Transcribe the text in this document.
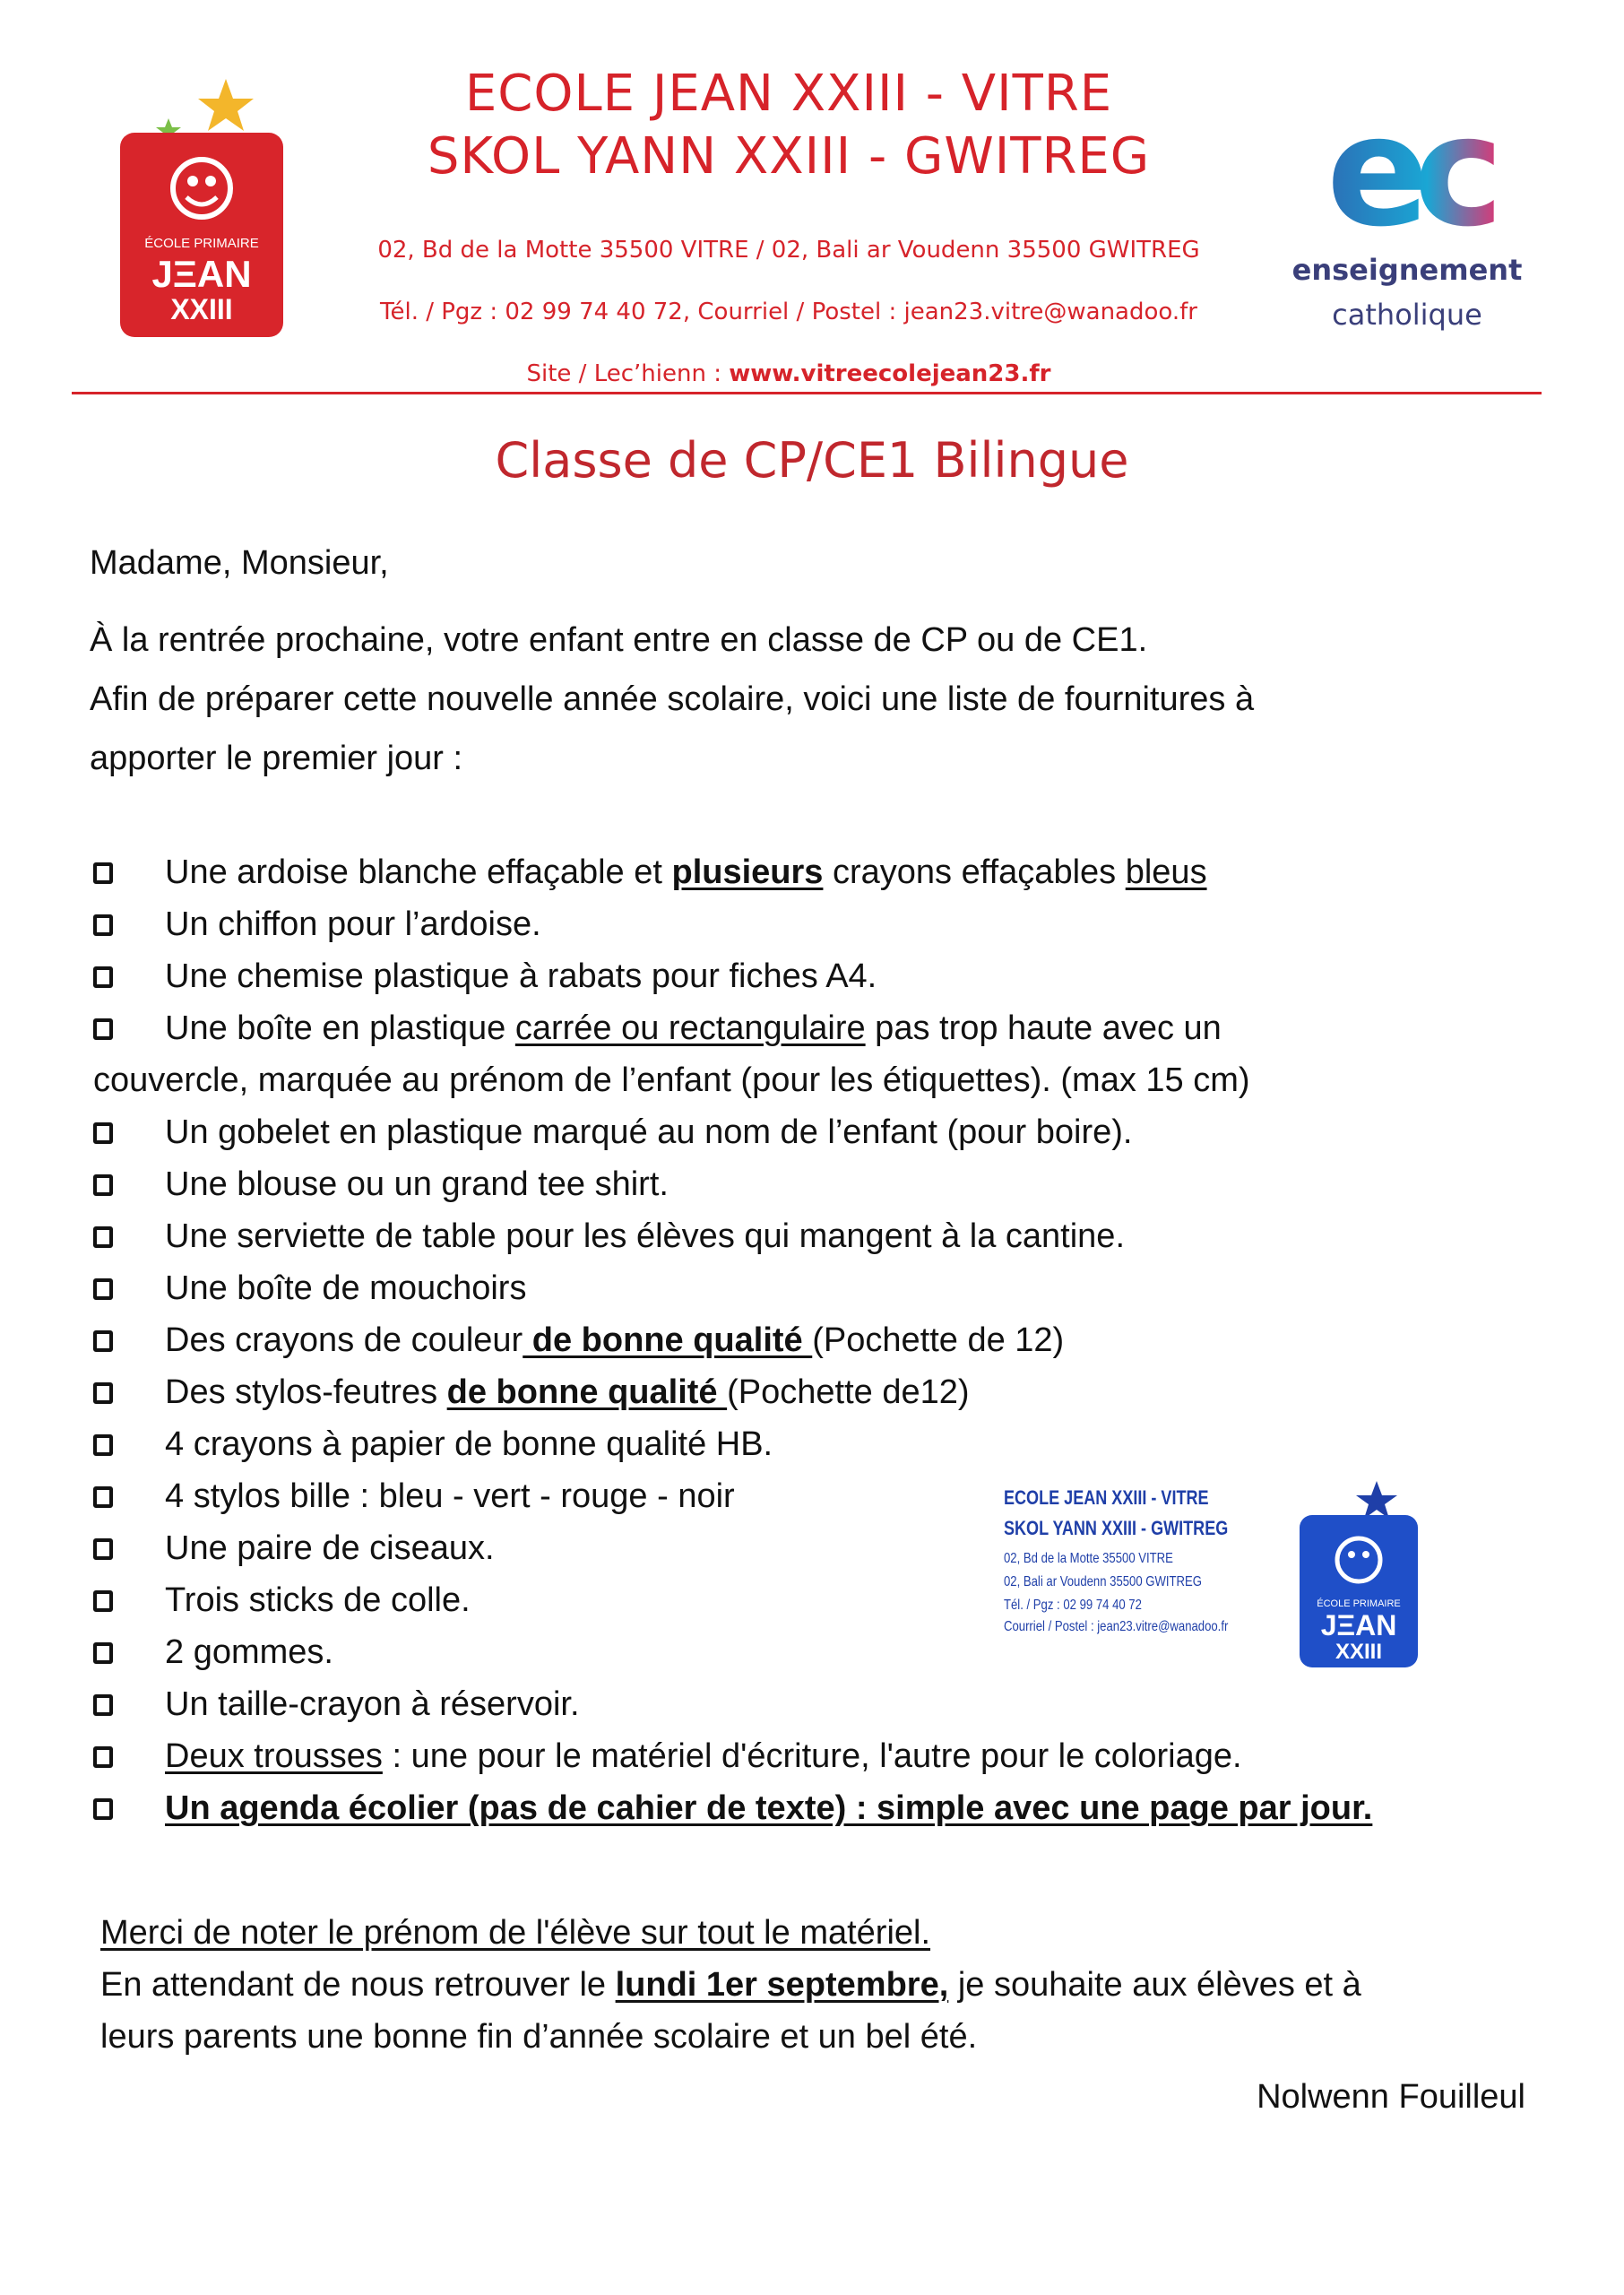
ÉCOLE PRIMAIRE
JΞAN
XXIII
ECOLE JEAN XXIII - VITRE
SKOL YANN XXIII - GWITREG
02, Bd de la Motte 35500 VITRE / 02, Bali ar Voudenn 35500 GWITREG
Tél. / Pgz : 02 99 74 40 72, Courriel / Postel : jean23.vitre@wanadoo.fr
Site / Lec’hienn : www.vitreecolejean23.fr
ec
enseignement
catholique
Classe de CP/CE1 Bilingue
Madame, Monsieur,
À la rentrée prochaine, votre enfant entre en classe de CP ou de CE1.
Afin de préparer cette nouvelle année scolaire, voici une liste de fournitures à
apporter le premier jour :
Une ardoise blanche effaçable et plusieurs crayons effaçables bleus
Un chiffon pour l’ardoise.
Une chemise plastique à rabats pour fiches A4.
Une boîte en plastique carrée ou rectangulaire pas trop haute avec un
couvercle, marquée au prénom de l’enfant (pour les étiquettes). (max 15 cm)
Un gobelet en plastique marqué au nom de l’enfant (pour boire).
Une blouse ou un grand tee shirt.
Une serviette de table pour les élèves qui mangent à la cantine.
Une boîte de mouchoirs
Des crayons de couleur de bonne qualité (Pochette de 12)
Des stylos-feutres de bonne qualité (Pochette de12)
4 crayons à papier de bonne qualité HB.
4 stylos bille : bleu - vert - rouge - noir
Une paire de ciseaux.
Trois sticks de colle.
2 gommes.
Un taille-crayon à réservoir.
Deux trousses : une pour le matériel d'écriture, l'autre pour le coloriage.
Un agenda écolier (pas de cahier de texte) : simple avec une page par jour.
ECOLE JEAN XXIII - VITRE
SKOL YANN XXIII - GWITREG
02, Bd de la Motte 35500 VITRE
02, Bali ar Voudenn 35500 GWITREG
Tél. / Pgz : 02 99 74 40 72
Courriel / Postel : jean23.vitre@wanadoo.fr
ÉCOLE PRIMAIRE
JΞAN
XXIII
Merci de noter le prénom de l'élève sur tout le matériel.
En attendant de nous retrouver le lundi 1er septembre, je souhaite aux élèves et à
leurs parents une bonne fin d’année scolaire et un bel été.
Nolwenn Fouilleul
